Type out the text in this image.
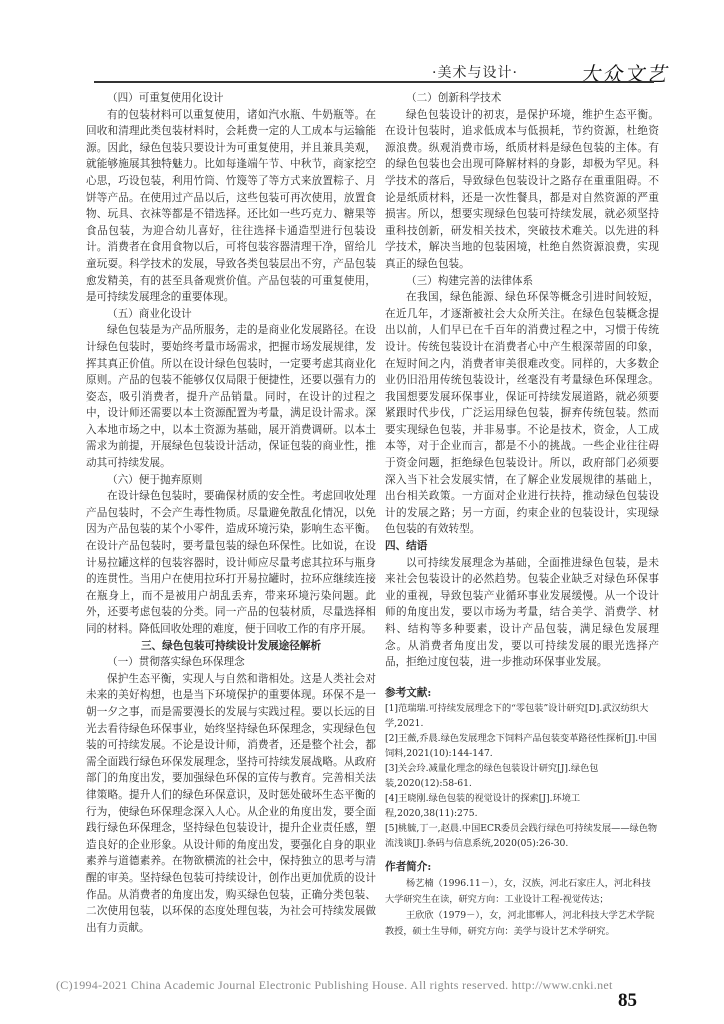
·美术与设计·	大众文艺
（四）可重复使用化设计

有的包装材料可以重复使用，诸如汽水瓶、牛奶瓶等。在回收和清理此类包装材料时，会耗费一定的人工成本与运输能源。因此，绿色包装只要设计为可重复使用，并且兼具美观，就能够施展其独特魅力。比如每逢端午节、中秋节，商家挖空心思，巧设包装，利用竹筒、竹篾等了等方式来放置粽子、月饼等产品。在使用过产品以后，这些包装可再次使用，放置食物、玩具、衣袜等都是不错选择。还比如一些巧克力、糖果等食品包装，为迎合幼儿喜好，往往选择卡通造型进行包装设计。消费者在食用食物以后，可将包装容器清理干净，留给儿童玩耍。科学技术的发展，导致各类包装层出不穷，产品包装愈发精美，有的甚至具备观赏价值。产品包装的可重复使用，是可持续发展理念的重要体现。

（五）商业化设计

绿色包装是为产品所服务，走的是商业化发展路径。在设计绿色包装时，要始终考量市场需求，把握市场发展规律，发挥其真正价值。所以在设计绿色包装时，一定要考虑其商业化原则。产品的包装不能够仅仅局限于便捷性，还要以强有力的姿态，吸引消费者，提升产品销量。同时，在设计的过程之中，设计师还需要以本土资源配置为考量，满足设计需求。深入本地市场之中，以本土资源为基础，展开消费调研。以本土需求为前提，开展绿色包装设计活动，保证包装的商业性，推动其可持续发展。

（六）便于抛弃原则

在设计绿色包装时，要确保材质的安全性。考虑回收处理产品包装时，不会产生毒性物质。尽量避免散乱化情况，以免因为产品包装的某个小零件，造成环境污染，影响生态平衡。在设计产品包装时，要考量包装的绿色环保性。比如说，在设计易拉罐这样的包装容器时，设计师应尽量考虑其拉环与瓶身的连贯性。当用户在使用拉环打开易拉罐时，拉环应继续连接在瓶身上，而不是被用户胡乱丢弃，带来环境污染问题。此外，还要考虑包装的分类。同一产品的包装材质，尽量选择相同的材料。降低回收处理的难度，便于回收工作的有序开展。

三、绿色包装可持续设计发展途径解析
（一）贯彻落实绿色环保理念

保护生态平衡，实现人与自然和谐相处。这是人类社会对未来的美好构想，也是当下环境保护的重要体现。环保不是一朝一夕之事，而是需要漫长的发展与实践过程。要以长远的目光去看待绿色环保事业，始终坚持绿色环保理念，实现绿色包装的可持续发展。不论是设计师，消费者，还是整个社会，都需全面践行绿色环保发展理念，坚持可持续发展战略。从政府部门的角度出发，要加强绿色环保的宣传与教育。完善相关法律策略。提升人们的绿色环保意识，及时惩处破坏生态平衡的行为，使绿色环保理念深入人心。从企业的角度出发，要全面践行绿色环保理念，坚持绿色包装设计，提升企业责任感，塑造良好的企业形象。从设计师的角度出发，要强化自身的职业素养与道德素养。在物欲横流的社会中，保持独立的思考与清醒的审美。坚持绿色包装可持续设计，创作出更加优质的设计作品。从消费者的角度出发，购买绿色包装，正确分类包装、二次使用包装，以环保的态度处理包装，为社会可持续发展做出有力贡献。

（二）创新科学技术

绿色包装设计的初衷，是保护环境，维护生态平衡。在设计包装时，追求低成本与低损耗，节约资源，杜绝资源浪费。纵观消费市场，纸质材料是绿色包装的主体。有的绿色包装也会出现可降解材料的身影，却极为罕见。科学技术的落后，导致绿色包装设计之路存在重重阻碍。不论是纸质材料，还是一次性餐具，都是对自然资源的严重损害。所以，想要实现绿色包装可持续发展，就必须坚持重科技创新，研发相关技术，突破技术难关。以先进的科学技术，解决当地的包装困境，杜绝自然资源浪费，实现真正的绿色包装。

（三）构建完善的法律体系

在我国，绿色能源、绿色环保等概念引进时间较短，在近几年，才逐渐被社会大众所关注。在绿色包装概念提出以前，人们早已在千百年的消费过程之中，习惯于传统设计。传统包装设计在消费者心中产生根深蒂固的印象，在短时间之内，消费者审美很难改变。同样的，大多数企业仍旧沿用传统包装设计，丝毫没有考量绿色环保理念。我国想要发展环保事业，保证可持续发展道路，就必须要紧跟时代步伐，广泛运用绿色包装，摒弃传统包装。然而要实现绿色包装，并非易事。不论是技术，资金，人工成本等，对于企业而言，都是不小的挑战。一些企业往往碍于资金问题，拒绝绿色包装设计。所以，政府部门必须要深入当下社会发展实情，在了解企业发展规律的基础上，出台相关政策。一方面对企业进行扶持，推动绿色包装设计的发展之路；另一方面，约束企业的包装设计，实现绿色包装的有效转型。

四、结语

以可持续发展理念为基础，全面推进绿色包装，是未来社会包装设计的必然趋势。包装企业缺乏对绿色环保事业的重视，导致包装产业循环事业发展缓慢。从一个设计师的角度出发，要以市场为考量，结合美学、消费学、材料、结构等多种要素，设计产品包装，满足绿色发展理念。从消费者角度出发，要以可持续发展的眼光选择产品，拒绝过度包装，进一步推动环保事业发展。

参考文献:
[1]范瑞瑞.可持续发展理念下的“零包装”设计研究[D].武汉纺织大学,2021.
[2]王薇,乔晨.绿色发展理念下饲料产品包装变革路径性探析[J].中国饲料,2021(10):144-147.
[3]关会玲.减量化理念的绿色包装设计研究[J].绿色包装,2020(12):58-61.
[4]王晓刚.绿色包装的视觉设计的探索[J].环境工程,2020,38(11):275.
[5]桃毓,丁一,赵晨.中国ECR委员会践行绿色可持续发展——绿色物流浅谈[J].条码与信息系统,2020(05):26-30.
作者简介:
杨艺楠（1996.11－），女，汉族，河北石家庄人，河北科技大学研究生在读，研究方向：工业设计工程-视觉传达；
王欣欣（1979－），女，河北邯郸人，河北科技大学艺术学院教授，硕士生导师，研究方向：美学与设计艺术学研究。
(C)1994-2021 China Academic Journal Electronic Publishing House. All rights reserved. http://www.cnki.net
85
